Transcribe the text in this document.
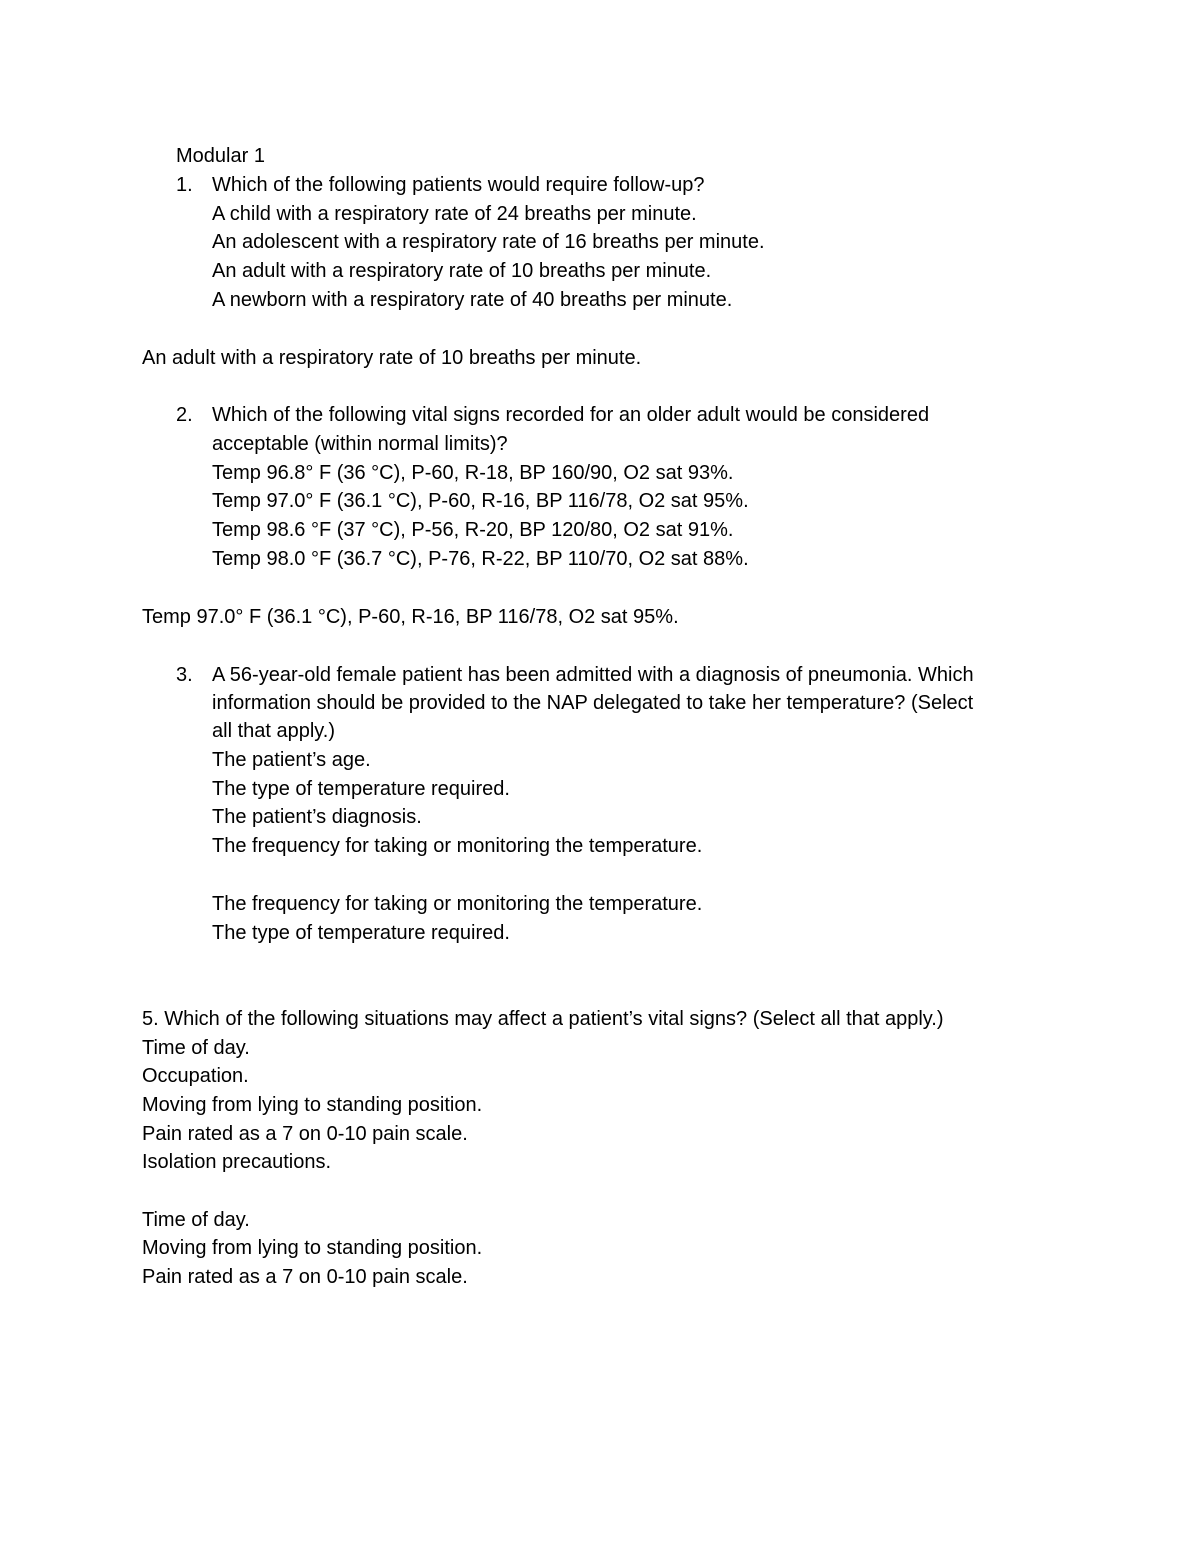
Modular 1

1. Which of the following patients would require follow-up?

A child with a respiratory rate of 24 breaths per minute.

An adolescent with a respiratory rate of 16 breaths per minute.

An adult with a respiratory rate of 10 breaths per minute.

A newborn with a respiratory rate of 40 breaths per minute.

An adult with a respiratory rate of 10 breaths per minute.

2. Which of the following vital signs recorded for an older adult would be considered

acceptable (within normal limits)?

Temp 96.8° F (36 °C), P-60, R-18, BP 160/90, O2 sat 93%.

Temp 97.0° F (36.1 °C), P-60, R-16, BP 116/78, O2 sat 95%.

Temp 98.6 °F (37 °C), P-56, R-20, BP 120/80, O2 sat 91%.

Temp 98.0 °F (36.7 °C), P-76, R-22, BP 110/70, O2 sat 88%.

Temp 97.0° F (36.1 °C), P-60, R-16, BP 116/78, O2 sat 95%.

3. A 56-year-old female patient has been admitted with a diagnosis of pneumonia. Which

information should be provided to the NAP delegated to take her temperature? (Select

all that apply.)

The patient’s age.

The type of temperature required.

The patient’s diagnosis.

The frequency for taking or monitoring the temperature.

The frequency for taking or monitoring the temperature.

The type of temperature required.

5. Which of the following situations may affect a patient’s vital signs? (Select all that apply.)

Time of day.

Occupation.

Moving from lying to standing position.

Pain rated as a 7 on 0-10 pain scale.

Isolation precautions.

Time of day.

Moving from lying to standing position.

Pain rated as a 7 on 0-10 pain scale.
